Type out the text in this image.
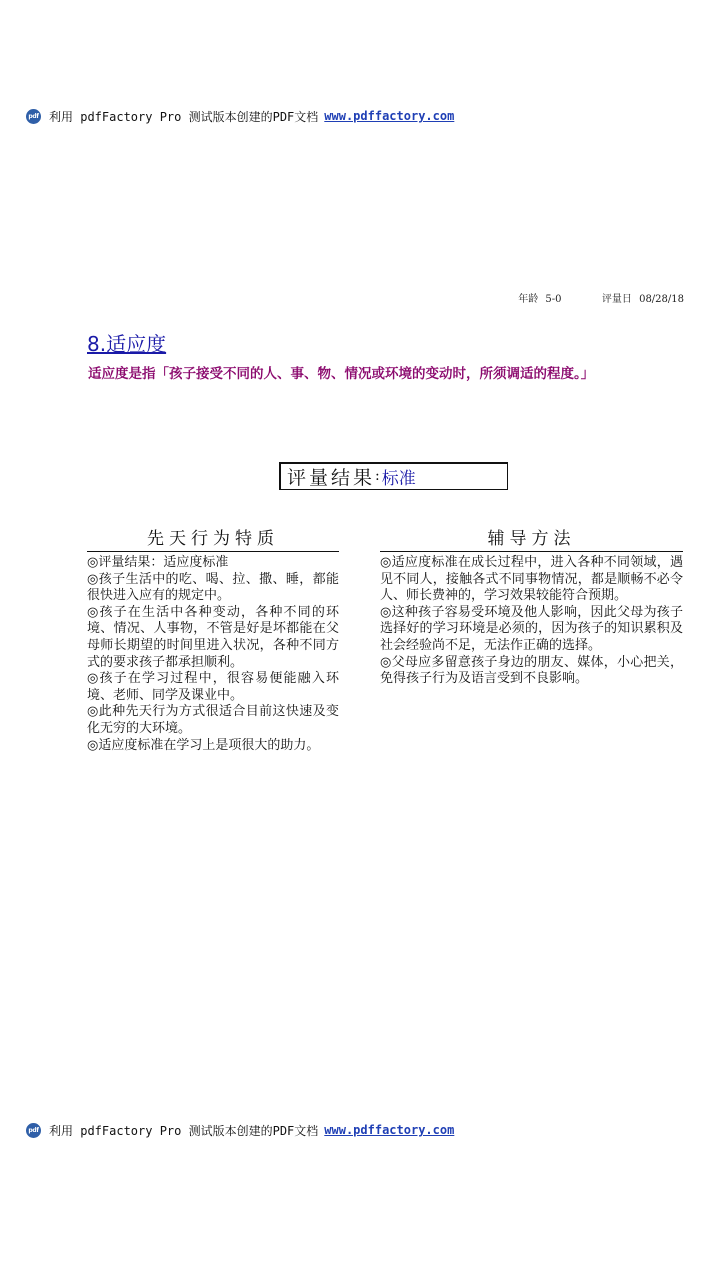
pdf 利用 pdfFactory Pro 测试版本创建的PDF文档 www.pdffactory.com
年龄 5-0	评量日 08/28/18
8.适应度
适应度是指「孩子接受不同的人、事、物、情况或环境的变动时，所须调适的程度。」
评量结果 : 标准
先天行为特质

◎评量结果：适应度标准

◎孩子生活中的吃、喝、拉、撒、睡，都能很快进入应有的规定中。

◎孩子在生活中各种变动，各种不同的环境、情况、人事物，不管是好是坏都能在父母师长期望的时间里进入状况，各种不同方式的要求孩子都承担顺利。

◎孩子在学习过程中，很容易便能融入环境、老师、同学及课业中。

◎此种先天行为方式很适合目前这快速及变化无穷的大环境。

◎适应度标准在学习上是项很大的助力。

辅导方法

◎适应度标准在成长过程中，进入各种不同领域，遇见不同人，接触各式不同事物情况，都是顺畅不必令人、师长费神的，学习效果较能符合预期。

◎这种孩子容易受环境及他人影响，因此父母为孩子选择好的学习环境是必须的，因为孩子的知识累积及社会经验尚不足，无法作正确的选择。

◎父母应多留意孩子身边的朋友、媒体，小心把关，免得孩子行为及语言受到不良影响。

pdf 利用 pdfFactory Pro 测试版本创建的PDF文档 www.pdffactory.com
